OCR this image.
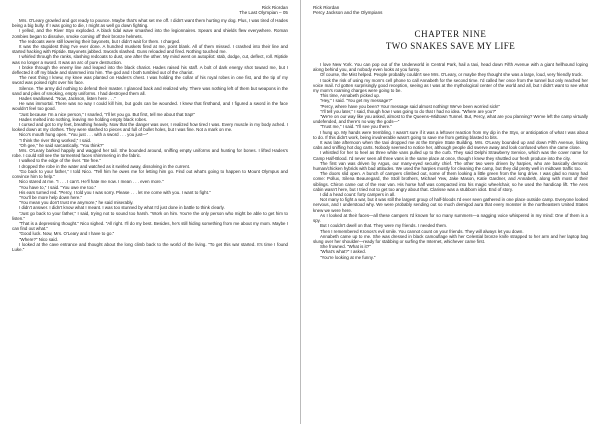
Rick Riordan
The Last Olympian – 05

Mrs. O'Leary growled and got ready to pounce. Maybe that's what set me off. I didn't want them hurting my dog. Plus, I was tired of Hades being a big bully. If I was going to die, I might as well go down fighting.

I yelled, and the River Styx exploded. A black tidal wave smashed into the legionnaires. Spears and shields flew everywhere. Roman zombies began to dissolve, smoke coming off their bronze helmets.

The redcoats were still lowering their bayonets, but I didn't wait for them. I charged.

It was the stupidest thing I've ever done. A hundred muskets fired at me, point blank. All of them missed. I crashed into their line and started hacking with Riptide. Bayonets jabbed. Swords slashed. Guns reloaded and fired. Nothing touched me.

I whirled through the ranks, slashing redcoats to dust, one after the other. My mind went on autopilot: stab, dodge, cut, deflect, roll. Riptide was no longer a sword. It was an arc of pure destruction.

I broke through the enemy line and leaped into the black chariot. Hades raised his staff. A bolt of dark energy shot toward me, but I deflected it off my blade and slammed into him. The god and I both tumbled out of the chariot.

The next thing I knew, my knee was planted on Hades's chest. I was holding the collar of his royal robes in one fist, and the tip of my sword was poised right over his face.

Silence. The army did nothing to defend their master. I glanced back and realized why. There was nothing left of them but weapons in the sand and piles of smoking, empty uniforms. I had destroyed them all.

Hades swallowed. "Now, Jackson, listen here . . ."

He was immortal. There was no way I could kill him, but gods can be wounded. I knew that firsthand, and I figured a sword in the face wouldn't feel too good.

"Just because I'm a nice person," I snarled, "I'll let you go. But first, tell me about that trap!"

Hades melted into nothing, leaving me holding empty black robes.

I cursed and got to my feet, breathing heavily. Now that the danger was over, I realized how tired I was. Every muscle in my body ached. I looked down at my clothes. They were slashed to pieces and full of bullet holes, but I was fine. Not a mark on me.

Nico's mouth hung open. "You just . . . with a sword . . . you just—"

"I think the river thing worked," I said.

"Oh gee," he said sarcastically. "You think?"

Mrs. O'Leary barked happily and wagged her tail. She bounded around, sniffing empty uniforms and hunting for bones. I lifted Hades's robe. I could still see the tormented faces shimmering in the fabric.

I walked to the edge of the river. "Be free."

I dropped the robe in the water and watched as it swirled away, dissolving in the current.

"Go back to your father," I told Nico. "Tell him he owes me for letting him go. Find out what's going to happen to Mount Olympus and convince him to help."

Nico stared at me. "I . . . I can't. He'll hate me now. I mean . . . even more."

"You have to," I said. "You owe me too."

His ears turned red. "Percy, I told you I was sorry. Please . . . let me come with you. I want to fight."

"You'll be more help down here."

"You mean you don't trust me anymore," he said miserably.

I didn't answer. I didn't know what I meant. I was too stunned by what I'd just done in battle to think clearly.

"Just go back to your father," I said, trying not to sound too harsh. "Work on him. You're the only person who might be able to get him to listen."

"That is a depressing thought." Nico sighed. "All right. I'll do my best. Besides, he's still hiding something from me about my mom. Maybe I can find out what."

"Good luck. Now, Mrs. O'Leary and I have to go."

"Where?" Nico said.

I looked at the cave entrance and thought about the long climb back to the world of the living. "To get this war started. It's time I found Luke."

Rick Riordan
Percy Jackson and the Olympians
CHAPTER NINE
TWO SNAKES SAVE MY LIFE

I love New York. You can pop out of the Underworld in Central Park, hail a taxi, head down Fifth Avenue with a giant hellhound loping along behind you, and nobody even looks at you funny.

Of course, the Mist helped. People probably couldn't see Mrs. O'Leary, or maybe they thought she was a large, loud, very friendly truck.

I took the risk of using my mom's cell phone to call Annabeth for the second time. I'd called her once from the tunnel but only reached her voice mail. I'd gotten surprisingly good reception, seeing as I was at the mythological center of the world and all, but I didn't want to see what my mom's roaming charges were going to be.

This time, Annabeth picked up.

"Hey," I said. "You get my message?"

"Percy, where have you been? Your message said almost nothing! We've been worried sick!"

"I'll tell you later," I said, though how I was going to do that I had no idea. "Where are you?"

"We're on our way like you asked, almost to the Queens–Midtown Tunnel. But, Percy, what are you planning? We've left the camp virtually undefended, and there's no way the gods—"

"Trust me," I said. "I'll see you there."

I hung up. My hands were trembling. I wasn't sure if it was a leftover reaction from my dip in the Styx, or anticipation of what I was about to do. If this didn't work, being invulnerable wasn't going to save me from getting blasted to bits.

It was late afternoon when the taxi dropped me at the Empire State Building. Mrs. O'Leary bounded up and down Fifth Avenue, licking cabs and sniffing hot dog carts. Nobody seemed to notice her, although people did swerve away and look confused when she came close.

I whistled for her to heel as three white vans pulled up to the curb. They said Delphi Strawberry Service, which was the cover name for Camp Half-Blood. I'd never seen all three vans in the same place at once, though I knew they shuttled our fresh produce into the city.

The first van was driven by Argus, our many-eyed security chief. The other two were driven by harpies, who are basically demonic human/chicken hybrids with bad attitudes. We used the harpies mostly for cleaning the camp, but they did pretty well in midtown traffic too.

The doors slid open. A bunch of campers climbed out, some of them looking a little green from the long drive. I was glad so many had come: Pollux, Silena Beauregard, the Stoll brothers, Michael Yew, Jake Mason, Katie Gardner, and Annabeth, along with most of their siblings. Chiron came out of the rear van. His horse half was compacted into his magic wheelchair, so he used the handicap lift. The Ares cabin wasn't here, but I tried not to get too angry about that. Clarisse was a stubborn idiot. End of story.

I did a head count: forty campers in all.

Not many to fight a war, but it was still the largest group of half-bloods I'd ever seen gathered in one place outside camp. Everyone looked nervous, and I understood why. We were probably sending out so much demigod aura that every monster in the northeastern United States knew we were here.

As I looked at their faces—all these campers I'd known for so many summers—a nagging voice whispered in my mind: One of them is a spy.

But I couldn't dwell on that. They were my friends. I needed them.

Then I remembered Kronos's evil smile. You cannot count on your friends. They will always let you down.

Annabeth came up to me. She was dressed in black camouflage with her Celestial bronze knife strapped to her arm and her laptop bag slung over her shoulder—ready for stabbing or surfing the Internet, whichever came first.

She frowned. "What is it?"

"What's what?" I asked.

"You're looking at me funny."
